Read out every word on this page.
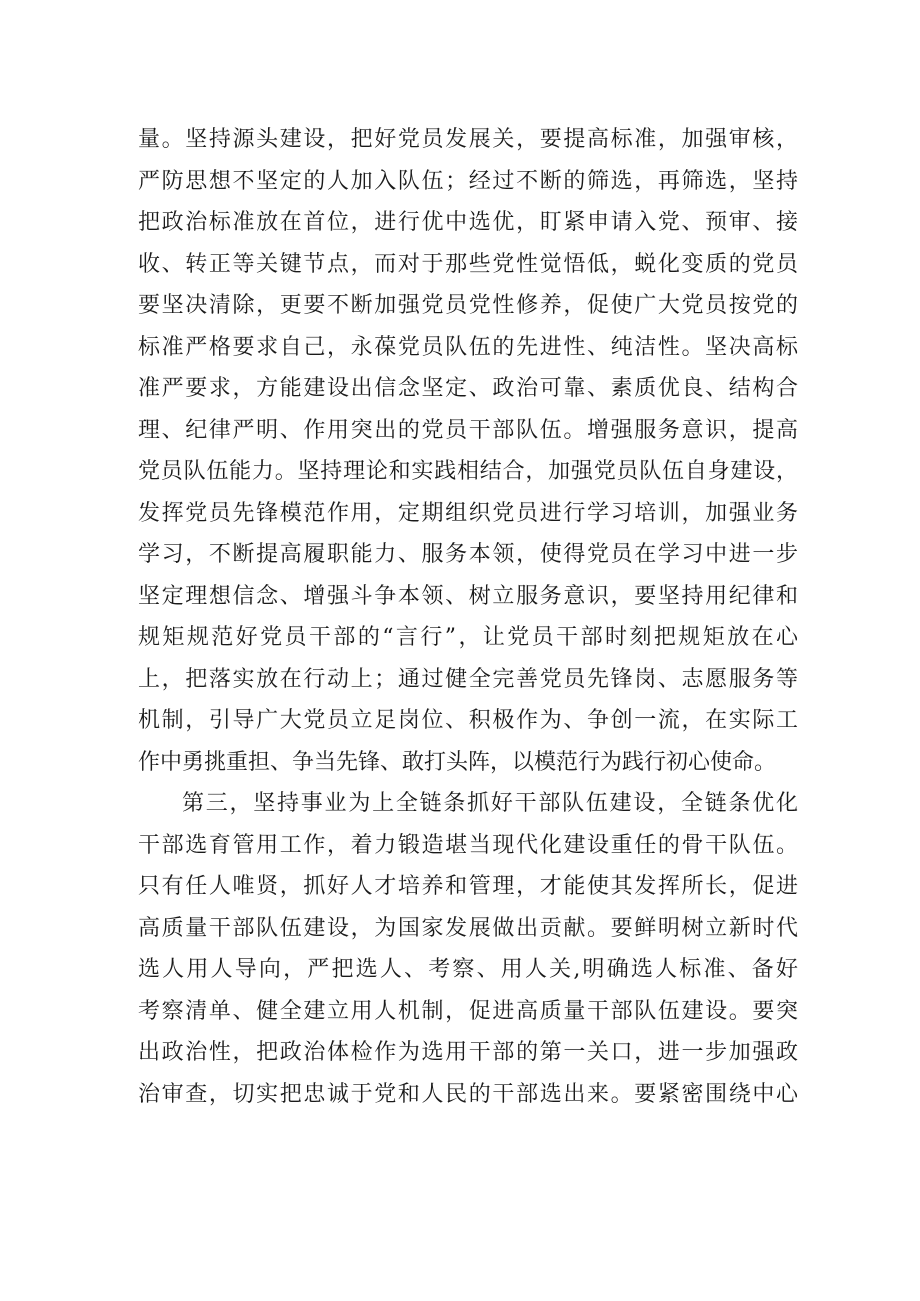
量。坚持源头建设，把好党员发展关，要提高标准，加强审核，
严防思想不坚定的人加入队伍；经过不断的筛选，再筛选，坚持
把政治标准放在首位，进行优中选优，盯紧申请入党、预审、接
收、转正等关键节点，而对于那些党性觉悟低，蜕化变质的党员
要坚决清除，更要不断加强党员党性修养，促使广大党员按党的
标准严格要求自己，永葆党员队伍的先进性、纯洁性。坚决高标
准严要求，方能建设出信念坚定、政治可靠、素质优良、结构合
理、纪律严明、作用突出的党员干部队伍。增强服务意识，提高
党员队伍能力。坚持理论和实践相结合，加强党员队伍自身建设，
发挥党员先锋模范作用，定期组织党员进行学习培训，加强业务
学习，不断提高履职能力、服务本领，使得党员在学习中进一步
坚定理想信念、增强斗争本领、树立服务意识，要坚持用纪律和
规矩规范好党员干部的“言行”，让党员干部时刻把规矩放在心
上，把落实放在行动上；通过健全完善党员先锋岗、志愿服务等
机制，引导广大党员立足岗位、积极作为、争创一流，在实际工
作中勇挑重担、争当先锋、敢打头阵，以模范行为践行初心使命。
第三，坚持事业为上全链条抓好干部队伍建设，全链条优化
干部选育管用工作，着力锻造堪当现代化建设重任的骨干队伍。
只有任人唯贤，抓好人才培养和管理，才能使其发挥所长，促进
高质量干部队伍建设，为国家发展做出贡献。要鲜明树立新时代
选人用人导向，严把选人、考察、用人关,明确选人标准、备好
考察清单、健全建立用人机制，促进高质量干部队伍建设。要突
出政治性，把政治体检作为选用干部的第一关口，进一步加强政
治审查，切实把忠诚于党和人民的干部选出来。要紧密围绕中心
